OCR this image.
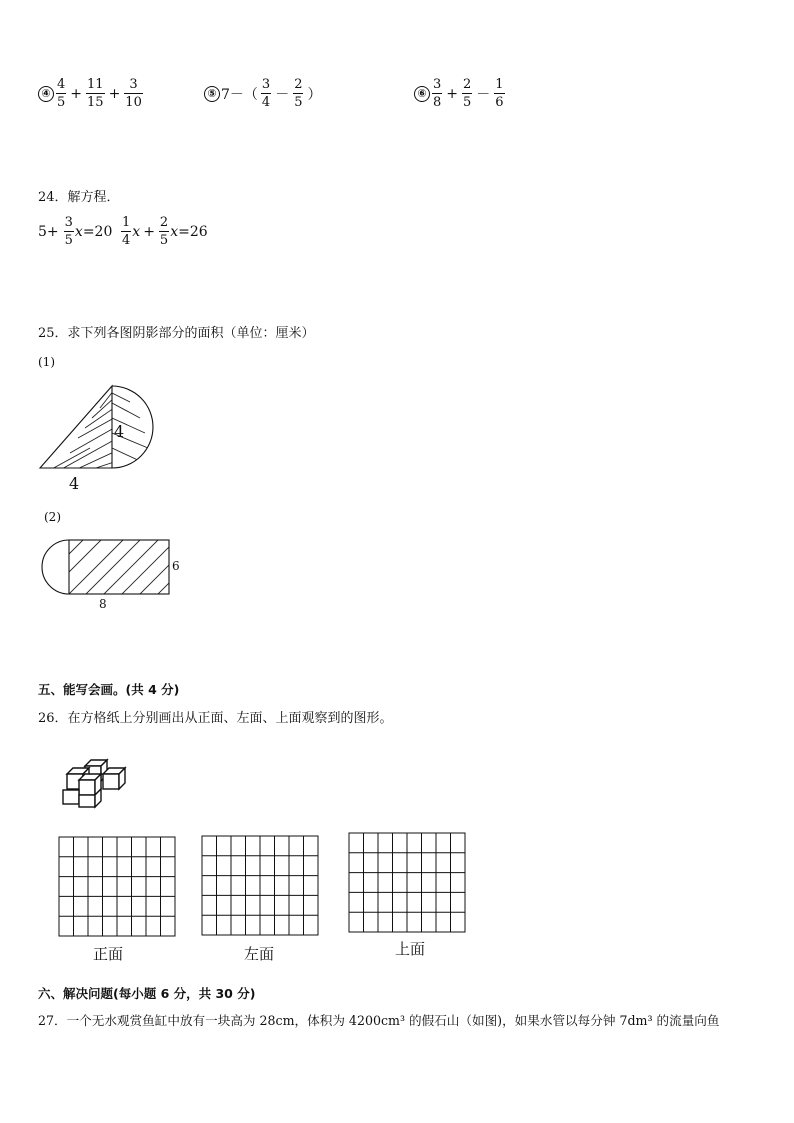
④ $\frac{4}{5} + \frac{11}{15} + \frac{3}{10}$	⑤ $7-( \frac{3}{4} - \frac{2}{5}$ ）	⑥ $\frac{3}{8} + \frac{2}{5} - \frac{1}{6}$
24．解方程．
$5+ \frac{3}{5}$ $x =20 \frac{1}{4}$ $x + \frac{2}{5}$ x =26
25．求下列各图阴影部分的面积（单位：厘米）
(1)
4
4
(2)
6
8
五、能写会画。(共 4 分)
26．在方格纸上分别画出从正面、左面、上面观察到的图形。
正面	左面	上面
六、解决问题(每小题 6 分，共 30 分)
27．一个无水观赏鱼缸中放有一块高为 28cm，体积为 4200cm³ 的假石山（如图)，如果水管以每分钟 7dm³ 的流量向鱼
